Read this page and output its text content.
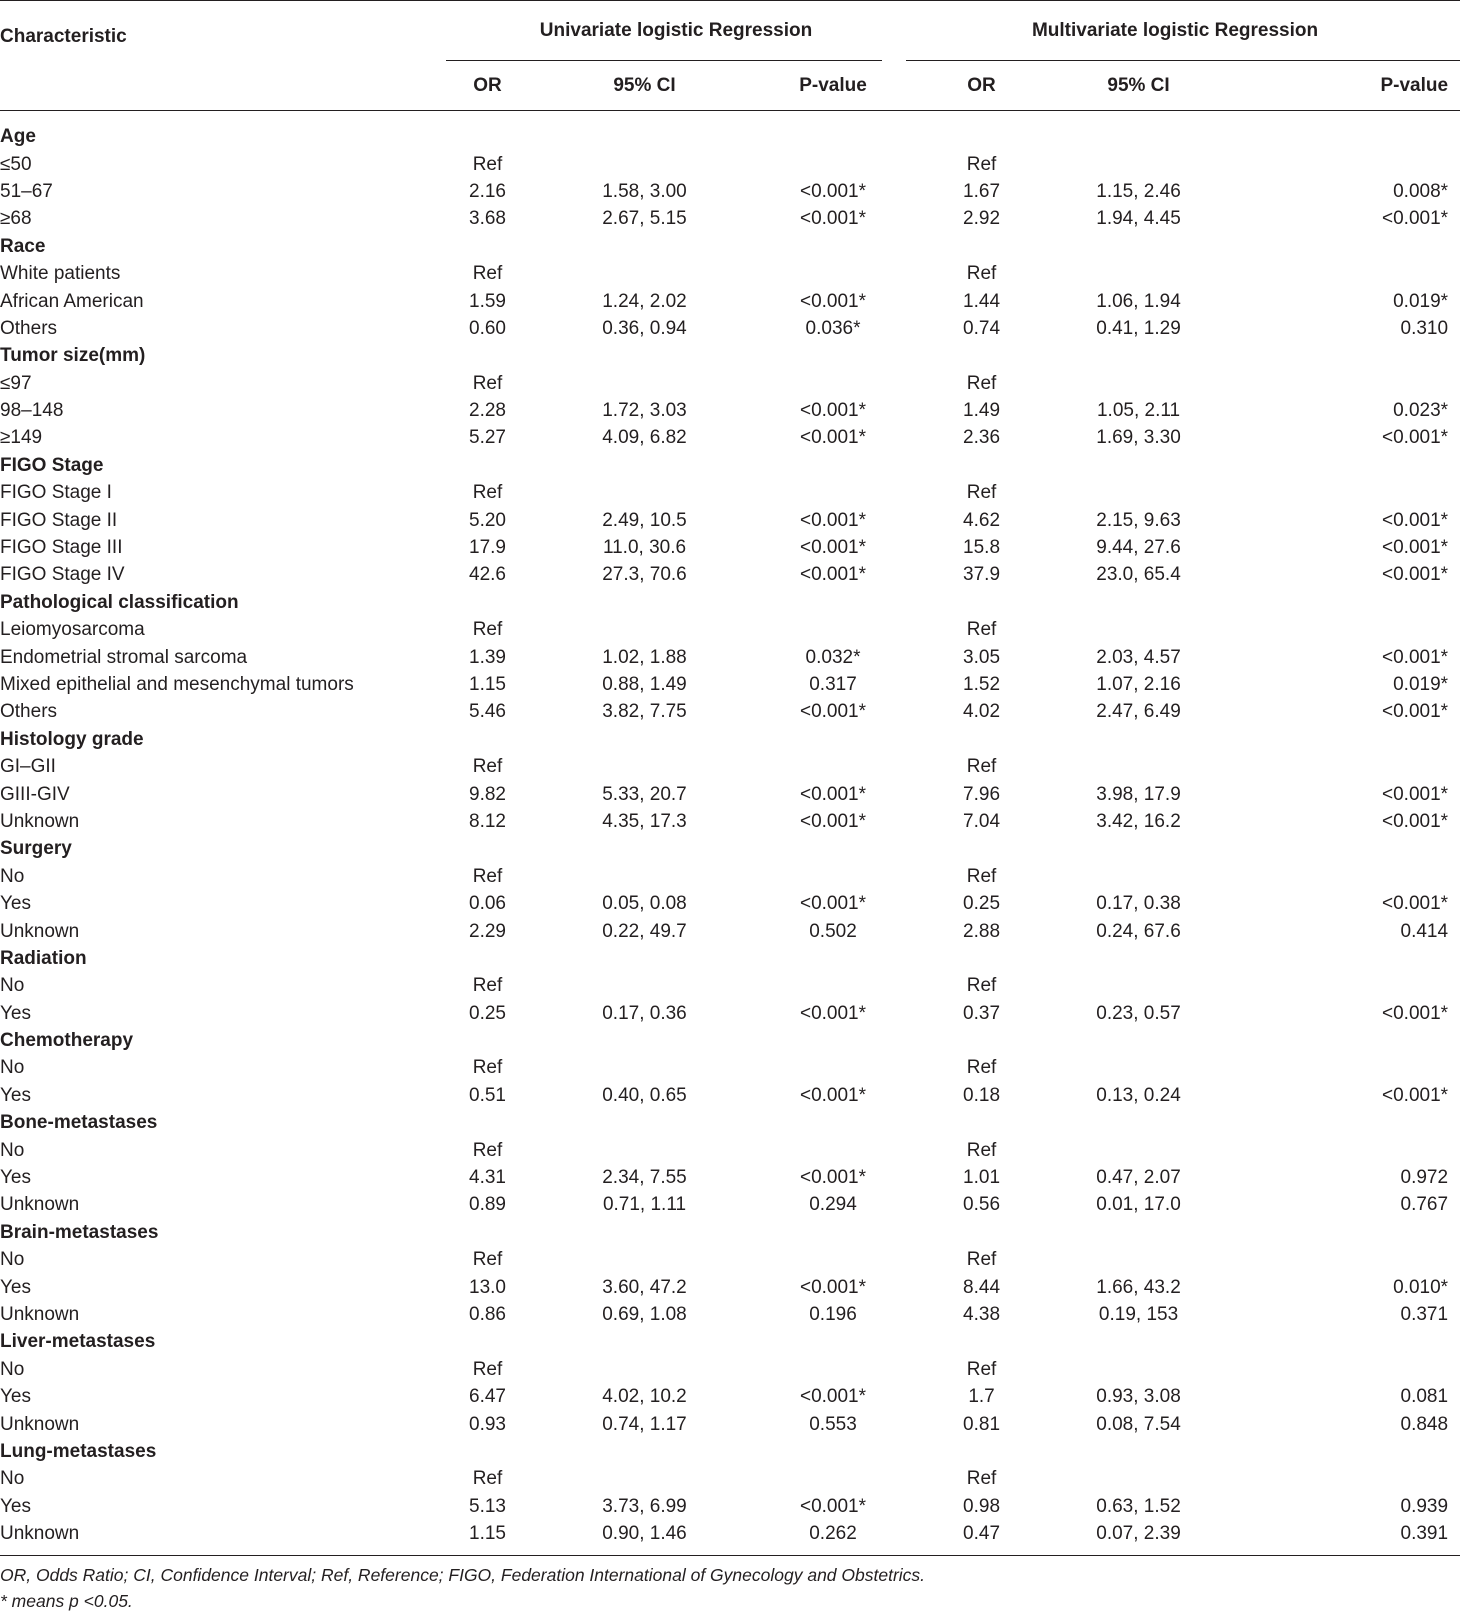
Characteristic	Univariate logistic Regression		Multivariate logistic Regression

	OR	95% CI	P-value		OR	95% CI	P-value
Age							
≤50	Ref				Ref		
51–67	2.16	1.58, 3.00	<0.001*		1.67	1.15, 2.46	0.008*
≥68	3.68	2.67, 5.15	<0.001*		2.92	1.94, 4.45	<0.001*
Race							
White patients	Ref				Ref		
African American	1.59	1.24, 2.02	<0.001*		1.44	1.06, 1.94	0.019*
Others	0.60	0.36, 0.94	0.036*		0.74	0.41, 1.29	0.310
Tumor size(mm)							
≤97	Ref				Ref		
98–148	2.28	1.72, 3.03	<0.001*		1.49	1.05, 2.11	0.023*
≥149	5.27	4.09, 6.82	<0.001*		2.36	1.69, 3.30	<0.001*
FIGO Stage							
FIGO Stage I	Ref				Ref		
FIGO Stage II	5.20	2.49, 10.5	<0.001*		4.62	2.15, 9.63	<0.001*
FIGO Stage III	17.9	11.0, 30.6	<0.001*		15.8	9.44, 27.6	<0.001*
FIGO Stage IV	42.6	27.3, 70.6	<0.001*		37.9	23.0, 65.4	<0.001*
Pathological classification							
Leiomyosarcoma	Ref				Ref		
Endometrial stromal sarcoma	1.39	1.02, 1.88	0.032*		3.05	2.03, 4.57	<0.001*
Mixed epithelial and mesenchymal tumors	1.15	0.88, 1.49	0.317		1.52	1.07, 2.16	0.019*
Others	5.46	3.82, 7.75	<0.001*		4.02	2.47, 6.49	<0.001*
Histology grade							
GI–GII	Ref				Ref		
GIII-GIV	9.82	5.33, 20.7	<0.001*		7.96	3.98, 17.9	<0.001*
Unknown	8.12	4.35, 17.3	<0.001*		7.04	3.42, 16.2	<0.001*
Surgery							
No	Ref				Ref		
Yes	0.06	0.05, 0.08	<0.001*		0.25	0.17, 0.38	<0.001*
Unknown	2.29	0.22, 49.7	0.502		2.88	0.24, 67.6	0.414
Radiation							
No	Ref				Ref		
Yes	0.25	0.17, 0.36	<0.001*		0.37	0.23, 0.57	<0.001*
Chemotherapy							
No	Ref				Ref		
Yes	0.51	0.40, 0.65	<0.001*		0.18	0.13, 0.24	<0.001*
Bone-metastases							
No	Ref				Ref		
Yes	4.31	2.34, 7.55	<0.001*		1.01	0.47, 2.07	0.972
Unknown	0.89	0.71, 1.11	0.294		0.56	0.01, 17.0	0.767
Brain-metastases							
No	Ref				Ref		
Yes	13.0	3.60, 47.2	<0.001*		8.44	1.66, 43.2	0.010*
Unknown	0.86	0.69, 1.08	0.196		4.38	0.19, 153	0.371
Liver-metastases							
No	Ref				Ref		
Yes	6.47	4.02, 10.2	<0.001*		1.7	0.93, 3.08	0.081
Unknown	0.93	0.74, 1.17	0.553		0.81	0.08, 7.54	0.848
Lung-metastases							
No	Ref				Ref		
Yes	5.13	3.73, 6.99	<0.001*		0.98	0.63, 1.52	0.939
Unknown	1.15	0.90, 1.46	0.262		0.47	0.07, 2.39	0.391
OR, Odds Ratio; CI, Confidence Interval; Ref, Reference; FIGO, Federation International of Gynecology and Obstetrics.
* means p <0.05.
